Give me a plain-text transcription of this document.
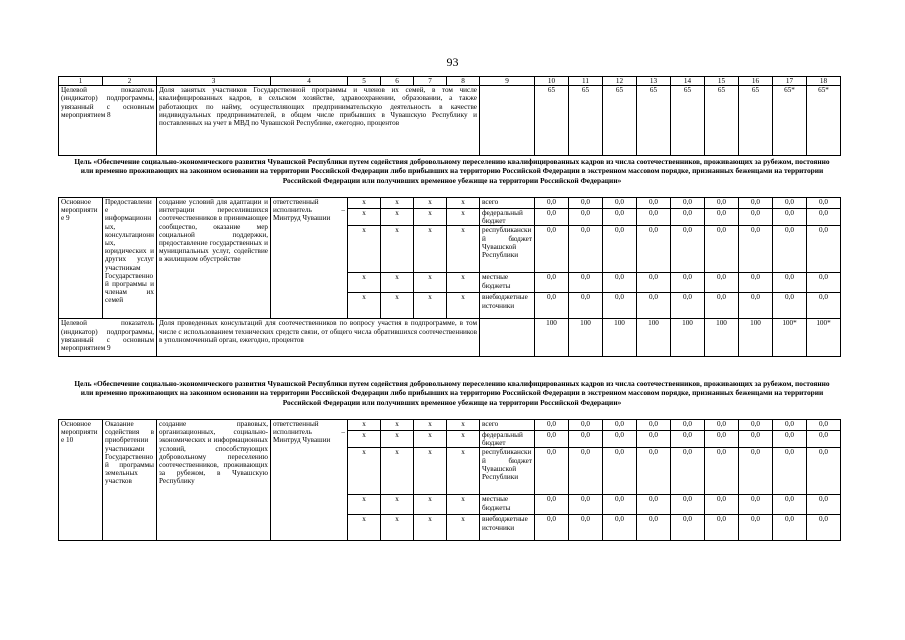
93
1	2	3	4	5	6	7	8	9	10	11	12	13	14	15	16	17	18
Целевой показатель (индикатор) подпрограммы, увязанный с основным мероприятием 8		Доля занятых участников Государственной программы и членов их семей, в том числе квалифицированных кадров, в сельском хозяйстве, здравоохранении, образовании, а также работающих по найму, осуществляющих предпринимательскую деятельность в качестве индивидуальных предпринимателей, в общем числе прибывших в Чувашскую Республику и поставленных на учет в МВД по Чувашской Республике, ежегодно, процентов							65	65	65	65	65	65	65	65*	65*
Цель «Обеспечение социально-экономического развития Чувашской Республики путем содействия добровольному переселению квалифицированных кадров из числа соотечественников, проживающих за рубежом, постоянно или временно проживающих на законном основании на территории Российской Федерации либо прибывших на территорию Российской Федерации в экстренном массовом порядке, признанных беженцами на территории Российской Федерации или получивших временное убежище на территории Российской Федерации»
Основное мероприятие 9	Предоставление информационных, консультационных, юридических и других услуг участникам Государственной программы и членам их семей	создание условий для адаптации и интеграции переселившихся соотечественников в принимающее сообщество, оказание мер социальной поддержки, предоставление государственных и муниципальных услуг, содействие в жилищном обустройстве	ответственный исполнитель – Минтруд Чувашии	x	x	x	x	всего	0,0	0,0	0,0	0,0	0,0	0,0	0,0	0,0	0,0
				x	x	x	x	федеральный бюджет	0,0	0,0	0,0	0,0	0,0	0,0	0,0	0,0	0,0
				x	x	x	x	республиканский бюджет Чувашской Республики	0,0	0,0	0,0	0,0	0,0	0,0	0,0	0,0	0,0
				x	x	x	x	местные бюджеты	0,0	0,0	0,0	0,0	0,0	0,0	0,0	0,0	0,0
				x	x	x	x	внебюджетные источники	0,0	0,0	0,0	0,0	0,0	0,0	0,0	0,0	0,0
Целевой показатель (индикатор) подпрограммы, увязанный с основным мероприятием 9		Доля проведенных консультаций для соотечественников по вопросу участия в подпрограмме, в том числе с использованием технических средств связи, от общего числа обратившихся соотечественников в уполномоченный орган, ежегодно, процентов							100	100	100	100	100	100	100	100*	100*
Цель «Обеспечение социально-экономического развития Чувашской Республики путем содействия добровольному переселению квалифицированных кадров из числа соотечественников, проживающих за рубежом, постоянно или временно проживающих на законном основании на территории Российской Федерации либо прибывших на территорию Российской Федерации в экстренном массовом порядке, признанных беженцами на территории Российской Федерации или получивших временное убежище на территории Российской Федерации»
Основное мероприятие 10	Оказание содействия в приобретении участниками Государственной программы земельных участков	создание правовых, организационных, социально-экономических и информационных условий, способствующих добровольному переселению соотечественников, проживающих за рубежом, в Чувашскую Республику	ответственный исполнитель – Минтруд Чувашии	x	x	x	x	всего	0,0	0,0	0,0	0,0	0,0	0,0	0,0	0,0	0,0
				x	x	x	x	федеральный бюджет	0,0	0,0	0,0	0,0	0,0	0,0	0,0	0,0	0,0
				x	x	x	x	республиканский бюджет Чувашской Республики	0,0	0,0	0,0	0,0	0,0	0,0	0,0	0,0	0,0
				x	x	x	x	местные бюджеты	0,0	0,0	0,0	0,0	0,0	0,0	0,0	0,0	0,0
				x	x	x	x	внебюджетные источники	0,0	0,0	0,0	0,0	0,0	0,0	0,0	0,0	0,0
